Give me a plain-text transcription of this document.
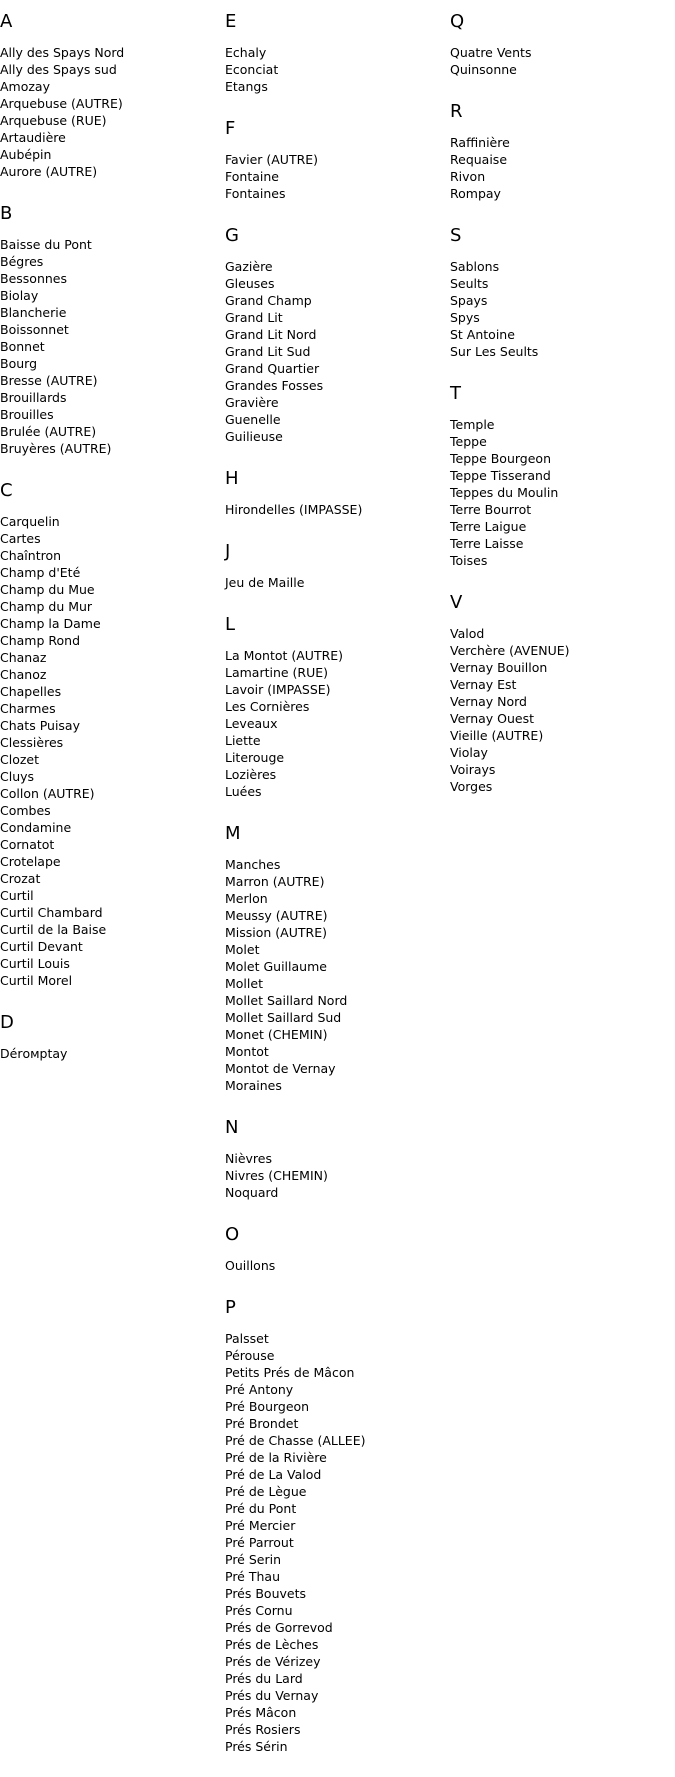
A
Ally des Spays Nord
Ally des Spays sud
Amozay
Arquebuse (AUTRE)
Arquebuse (RUE)
Artaudière
Aubépin
Aurore (AUTRE)
B
Baisse du Pont
Bégres
Bessonnes
Biolay
Blancherie
Boissonnet
Bonnet
Bourg
Bresse (AUTRE)
Brouillards
Brouilles
Brulée (AUTRE)
Bruyères (AUTRE)
C
Carquelin
Cartes
Chaîntron
Champ d'Eté
Champ du Mue
Champ du Mur
Champ la Dame
Champ Rond
Chanaz
Chanoz
Chapelles
Charmes
Chats Puisay
Clessières
Clozet
Cluys
Collon (AUTRE)
Combes
Condamine
Cornatot
Crotelape
Crozat
Curtil
Curtil Chambard
Curtil de la Baise
Curtil Devant
Curtil Louis
Curtil Morel
D
Dérомptay
E
Echaly
Econciat
Etangs
F
Favier (AUTRE)
Fontaine
Fontaines
G
Gazière
Gleuses
Grand Champ
Grand Lit
Grand Lit Nord
Grand Lit Sud
Grand Quartier
Grandes Fosses
Gravière
Guenelle
Guilieuse
H
Hirondelles (IMPASSE)
J
Jeu de Maille
L
La Montot (AUTRE)
Lamartine (RUE)
Lavoir (IMPASSE)
Les Cornières
Leveaux
Liette
Literouge
Lozières
Luées
M
Manches
Marron (AUTRE)
Merlon
Meussy (AUTRE)
Mission (AUTRE)
Molet
Molet Guillaume
Mollet
Mollet Saillard Nord
Mollet Saillard Sud
Monet (CHEMIN)
Montot
Montot de Vernay
Moraines
N
Nièvres
Nivres (CHEMIN)
Noquard
O
Ouillons
P
Palsset
Pérouse
Petits Prés de Mâcon
Pré Antony
Pré Bourgeon
Pré Brondet
Pré de Chasse (ALLEE)
Pré de la Rivière
Pré de La Valod
Pré de Lègue
Pré du Pont
Pré Mercier
Pré Parrout
Pré Serin
Pré Thau
Prés Bouvets
Prés Cornu
Prés de Gorrevod
Prés de Lèches
Prés de Vérizey
Prés du Lard
Prés du Vernay
Prés Mâcon
Prés Rosiers
Prés Sérin
Q
Quatre Vents
Quinsonne
R
Raffinière
Requaise
Rivon
Rompay
S
Sablons
Seults
Spays
Spys
St Antoine
Sur Les Seults
T
Temple
Teppe
Teppe Bourgeon
Teppe Tisserand
Teppes du Moulin
Terre Bourrot
Terre Laigue
Terre Laisse
Toises
V
Valod
Verchère (AVENUE)
Vernay Bouillon
Vernay Est
Vernay Nord
Vernay Ouest
Vieille (AUTRE)
Violay
Voirays
Vorges
